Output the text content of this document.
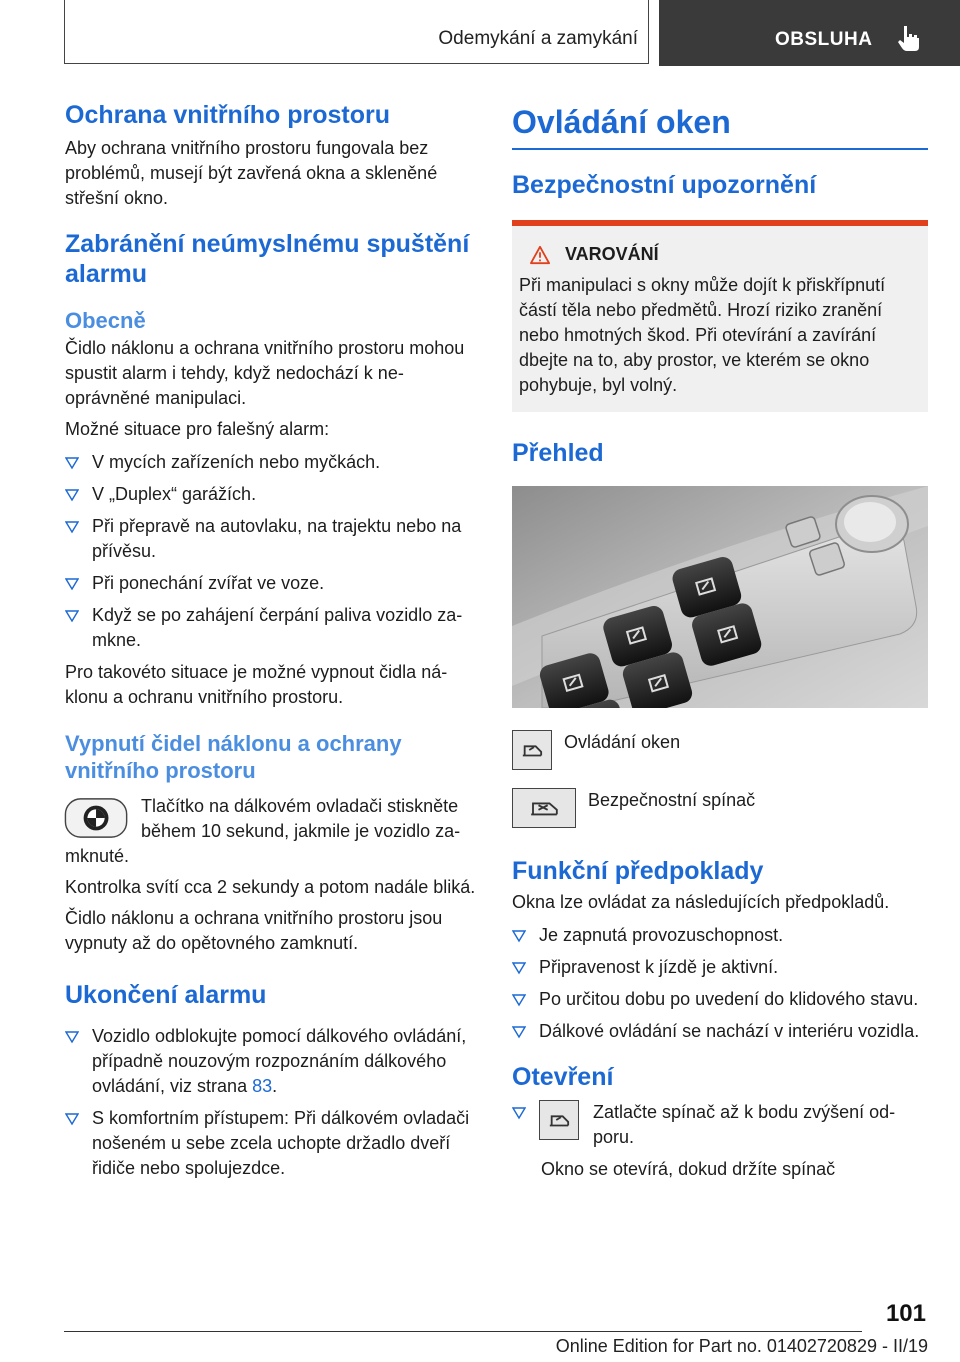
Odemykání a zamykání	OBSLUHA
Ochrana vnitřního prostoru

Aby ochrana vnitřního prostoru fungovala bez problémů, musejí být zavřená okna a skleněné střešní okno.

Zabránění neúmyslnému spuštění alarmu
Obecně

Čidlo náklonu a ochrana vnitřního prostoru mohou spustit alarm i tehdy, když nedochází k neoprávněné manipulaci.

Možné situace pro falešný alarm:

V mycích zařízeních nebo myčkách.
V „Duplex“ garážích.
Při přepravě na autovlaku, na trajektu nebo na přívěsu.
Při ponechání zvířat ve voze.
Když se po zahájení čerpání paliva vozidlo zamkne.

Pro takovéto situace je možné vypnout čidla náklonu a ochranu vnitřního prostoru.

Vypnutí čidel náklonu a ochrany vnitřního prostoru

Tlačítko na dálkovém ovladači stiskněte během 10 sekund, jakmile je vozidlo zamknuté.

Kontrolka svítí cca 2 sekundy a potom nadále bliká.

Čidlo náklonu a ochrana vnitřního prostoru jsou vypnuty až do opětovného zamknutí.

Ukončení alarmu
Vozidlo odblokujte pomocí dálkového ovládání, případně nouzovým rozpoznáním dálkového ovládání, viz strana 83.
S komfortním přístupem: Při dálkovém ovladači nošeném u sebe zcela uchopte držadlo dveří řidiče nebo spolujezdce.
Ovládání oken
Bezpečnostní upozornění
VAROVÁNÍ

Při manipulaci s okny může dojít k přiskřípnutí částí těla nebo předmětů. Hrozí riziko zranění nebo hmotných škod. Při otevírání a zavírání dbejte na to, aby prostor, ve kterém se okno pohybuje, byl volný.

Přehled
Ovládání oken
Bezpečnostní spínač
Funkční předpoklady

Okna lze ovládat za následujících předpokladů.

Je zapnutá provozuschopnost.
Připravenost k jízdě je aktivní.
Po určitou dobu po uvedení do klidového stavu.
Dálkové ovládání se nachází v interiéru vozidla.
Otevření
Zatlačte spínač až k bodu zvýšení odporu.

Okno se otevírá, dokud držíte spínač

101
Online Edition for Part no. 01402720829 - II/19
